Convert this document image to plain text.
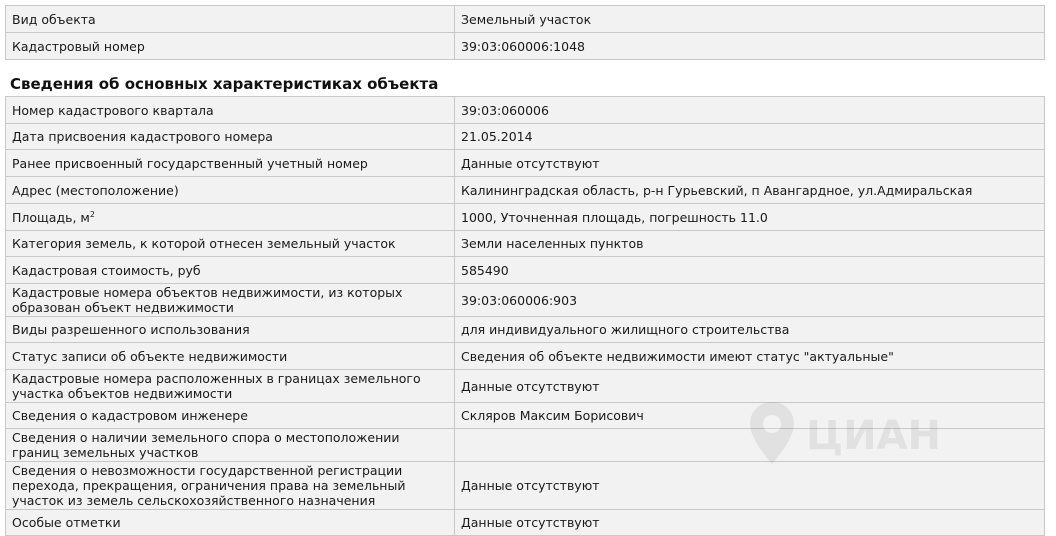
Вид объекта	Земельный участок
Кадастровый номер	39:03:060006:1048
Сведения об основных характеристиках объекта
Номер кадастрового квартала	39:03:060006
Дата присвоения кадастрового номера	21.05.2014
Ранее присвоенный государственный учетный номер	Данные отсутствуют
Адрес (местоположение)	Калининградская область, р-н Гурьевский, п Авангардное, ул.Адмиральская
Площадь, $м^2$	1000, Уточненная площадь, погрешность 11.0
Категория земель, к которой отнесен земельный участок	Земли населенных пунктов
Кадастровая стоимость, руб	585490
Кадастровые номера объектов недвижимости, из которых образован объект недвижимости	39:03:060006:903
Виды разрешенного использования	для индивидуального жилищного строительства
Статус записи об объекте недвижимости	Сведения об объекте недвижимости имеют статус "актуальные"
Кадастровые номера расположенных в границах земельного участка объектов недвижимости	Данные отсутствуют
Сведения о кадастровом инженере	Скляров Максим Борисович
Сведения о наличии земельного спора о местоположении границ земельных участков	
Сведения о невозможности государственной регистрации перехода, прекращения, ограничения права на земельный участок из земель сельскохозяйственного назначения	Данные отсутствуют
Особые отметки	Данные отсутствуют
